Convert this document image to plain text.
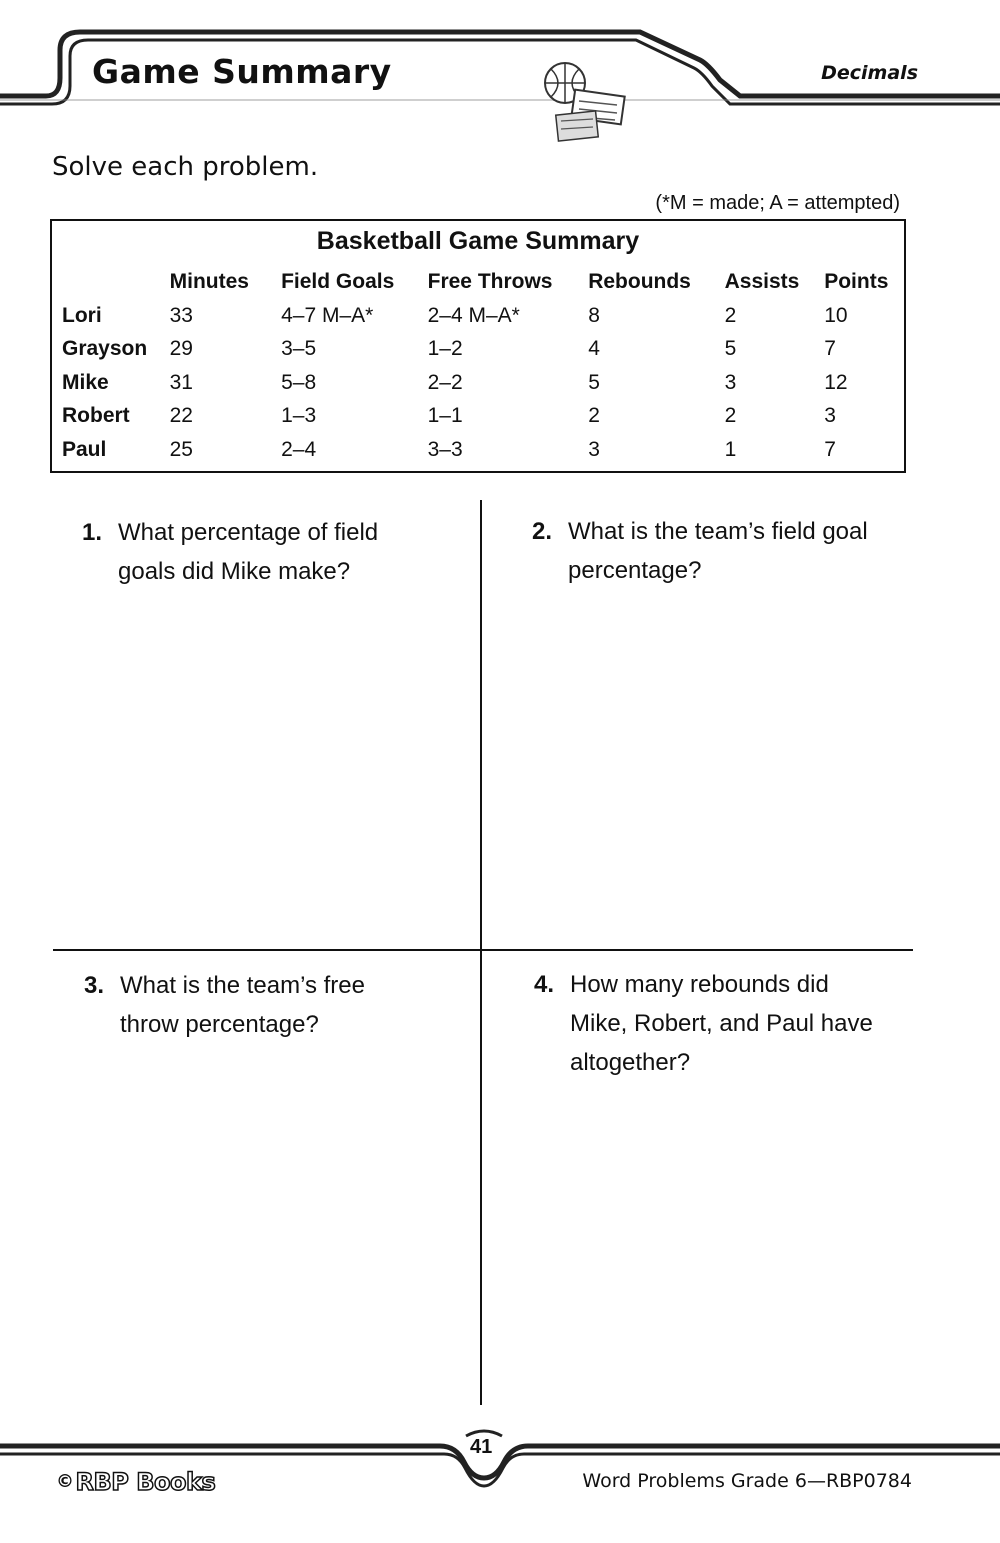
Game Summary	Decimals
Solve each problem.
(*M = made; A = attempted)
Basketball Game Summary
	Minutes	Field Goals	Free Throws	Rebounds	Assists	Points
Lori	33	4–7 M–A*	2–4 M–A*	8	2	10
Grayson	29	3–5	1–2	4	5	7
Mike	31	5–8	2–2	5	3	12
Robert	22	1–3	1–1	2	2	3
Paul	25	2–4	3–3	3	1	7
1. What percentage of field
goals did Mike make?
2. What is the team’s field goal
percentage?
3. What is the team’s free
throw percentage?
4. How many rebounds did
Mike, Robert, and Paul have
altogether?
41
©RBP Books	Word Problems Grade 6—RBP0784
